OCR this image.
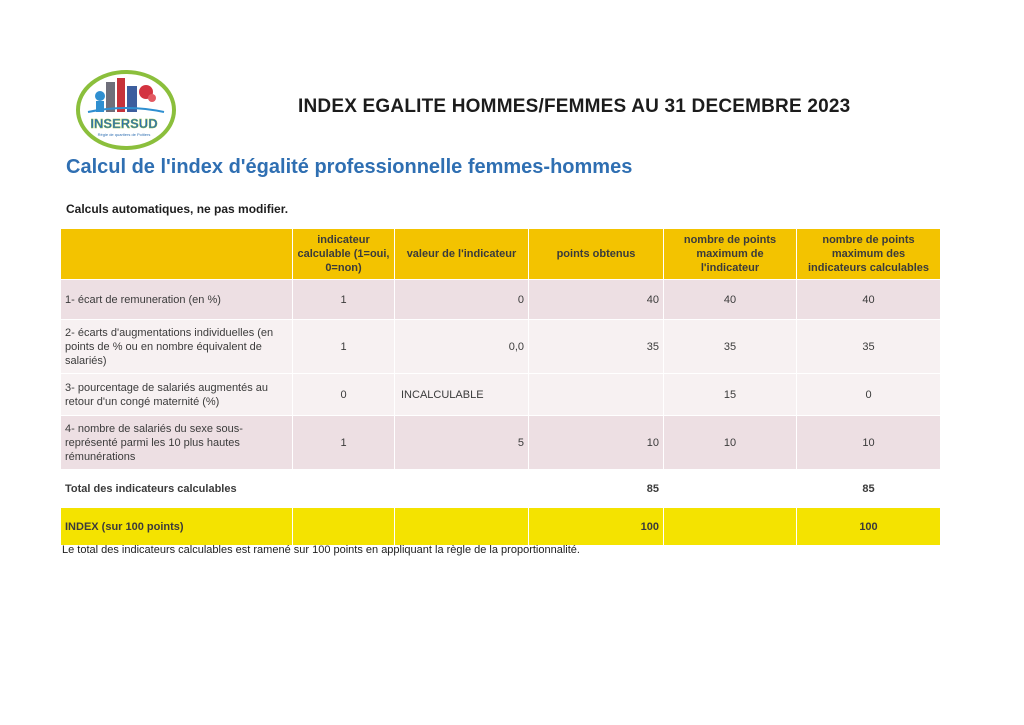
INSERSUD
Régie de quartiers de Poitiers
INDEX EGALITE HOMMES/FEMMES AU 31 DECEMBRE 2023
Calcul de l'index d'égalité professionnelle femmes-hommes
Calculs automatiques, ne pas modifier.
	indicateur calculable (1=oui, 0=non)	valeur de l'indicateur	points obtenus	nombre de points maximum de l'indicateur	nombre de points maximum des indicateurs calculables
1- écart de remuneration (en %)	1	0	40	40	40
2- écarts d'augmentations individuelles (en points de % ou en nombre équivalent de salariés)	1	0,0	35	35	35
3- pourcentage de salariés augmentés au retour d'un congé maternité (%)	0	INCALCULABLE		15	0
4- nombre de salariés du sexe sous-représenté parmi les 10 plus hautes rémunérations	1	5	10	10	10
Total des indicateurs calculables			85		85
INDEX (sur 100 points)			100		100
Le total des indicateurs calculables est ramené sur 100 points en appliquant la règle de la proportionnalité.
